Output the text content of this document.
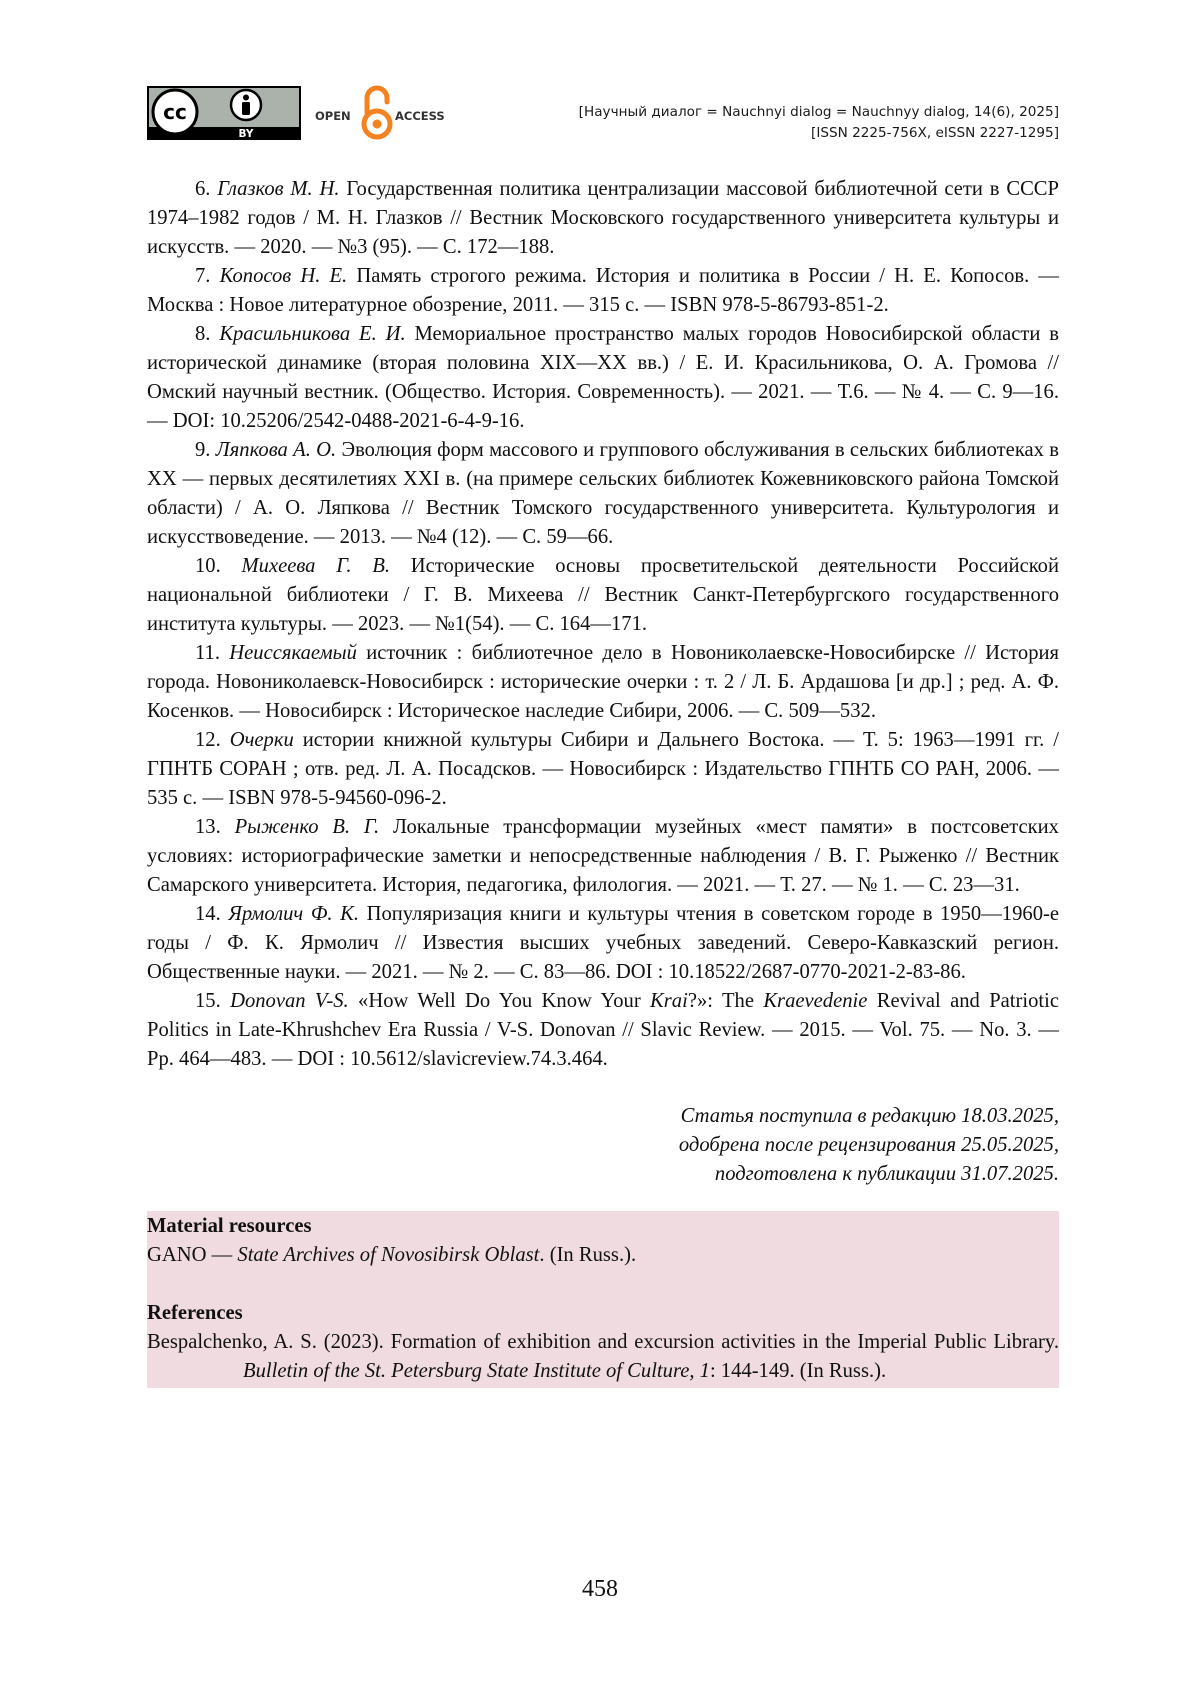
cc
BY
OPEN	ACCESS	[Научный диалог = Nauchnyi dialog = Nauchnyy dialog, 14(6), 2025]
[ISSN 2225-756X, eISSN 2227-1295]
6. Глазков М. Н. Государственная политика централизации массовой библиотечной сети в СССР 1974–1982 годов / М. Н. Глазков // Вестник Московского государственного университета культуры и искусств. — 2020. — №3 (95). — С. 172—188.
7. Копосов Н. Е. Память строгого режима. История и политика в России / Н. Е. Копосов. — Москва : Новое литературное обозрение, 2011. — 315 с. — ISBN 978-5-86793-851-2.
8. Красильникова Е. И. Мемориальное пространство малых городов Новосибирской области в исторической динамике (вторая половина XIX—XX вв.) / Е. И. Красильникова, О. А. Громова // Омский научный вестник. (Общество. История. Современность). — 2021. — Т.6. — № 4. — С. 9—16. — DOI: 10.25206/2542-0488-2021-6-4-9-16.
9. Ляпкова А. О. Эволюция форм массового и группового обслуживания в сельских библиотеках в XX — первых десятилетиях XXI в. (на примере сельских библиотек Кожевниковского района Томской области) / А. О. Ляпкова // Вестник Томского государственного университета. Культурология и искусствоведение. — 2013. — №4 (12). — С. 59—66.
10. Михеева Г. В. Исторические основы просветительской деятельности Российской национальной библиотеки / Г. В. Михеева // Вестник Санкт-Петербургского государственного института культуры. — 2023. — №1(54). — С. 164—171.
11. Неиссякаемый источник : библиотечное дело в Новониколаевске-Новосибирске // История города. Новониколаевск-Новосибирск : исторические очерки : т. 2 / Л. Б. Ардашова [и др.] ; ред. А. Ф. Косенков. — Новосибирск : Историческое наследие Сибири, 2006. — С. 509—532.
12. Очерки истории книжной культуры Сибири и Дальнего Востока. — Т. 5: 1963—1991 гг. / ГПНТБ СОРАН ; отв. ред. Л. А. Посадсков. — Новосибирск : Издательство ГПНТБ СО РАН, 2006. — 535 с. — ISBN 978-5-94560-096-2.
13. Рыженко В. Г. Локальные трансформации музейных «мест памяти» в постсоветских условиях: историографические заметки и непосредственные наблюдения / В. Г. Рыженко // Вестник Самарского университета. История, педагогика, филология. — 2021. — Т. 27. — № 1. — С. 23—31.
14. Ярмолич Ф. К. Популяризация книги и культуры чтения в советском городе в 1950—1960-е годы / Ф. К. Ярмолич // Известия высших учебных заведений. Северо-Кавказский регион. Общественные науки. — 2021. — № 2. — С. 83—86. DOI : 10.18522/2687-0770-2021-2-83-86.
15. Donovan V-S. «How Well Do You Know Your Krai?»: The Kraevedenie Revival and Patriotic Politics in Late-Khrushchev Era Russia / V-S. Donovan // Slavic Review. — 2015. — Vol. 75. — No. 3. — Pp. 464—483. — DOI : 10.5612/slavicreview.74.3.464.
Статья поступила в редакцию 18.03.2025,
одобрена после рецензирования 25.05.2025,
подготовлена к публикации 31.07.2025.

Material resources

GANO — State Archives of Novosibirsk Oblast. (In Russ.).

References

Bespalchenko, A. S. (2023). Formation of exhibition and excursion activities in the Imperial Public Library. Bulletin of the St. Petersburg State Institute of Culture, 1: 144-149. (In Russ.).

458
